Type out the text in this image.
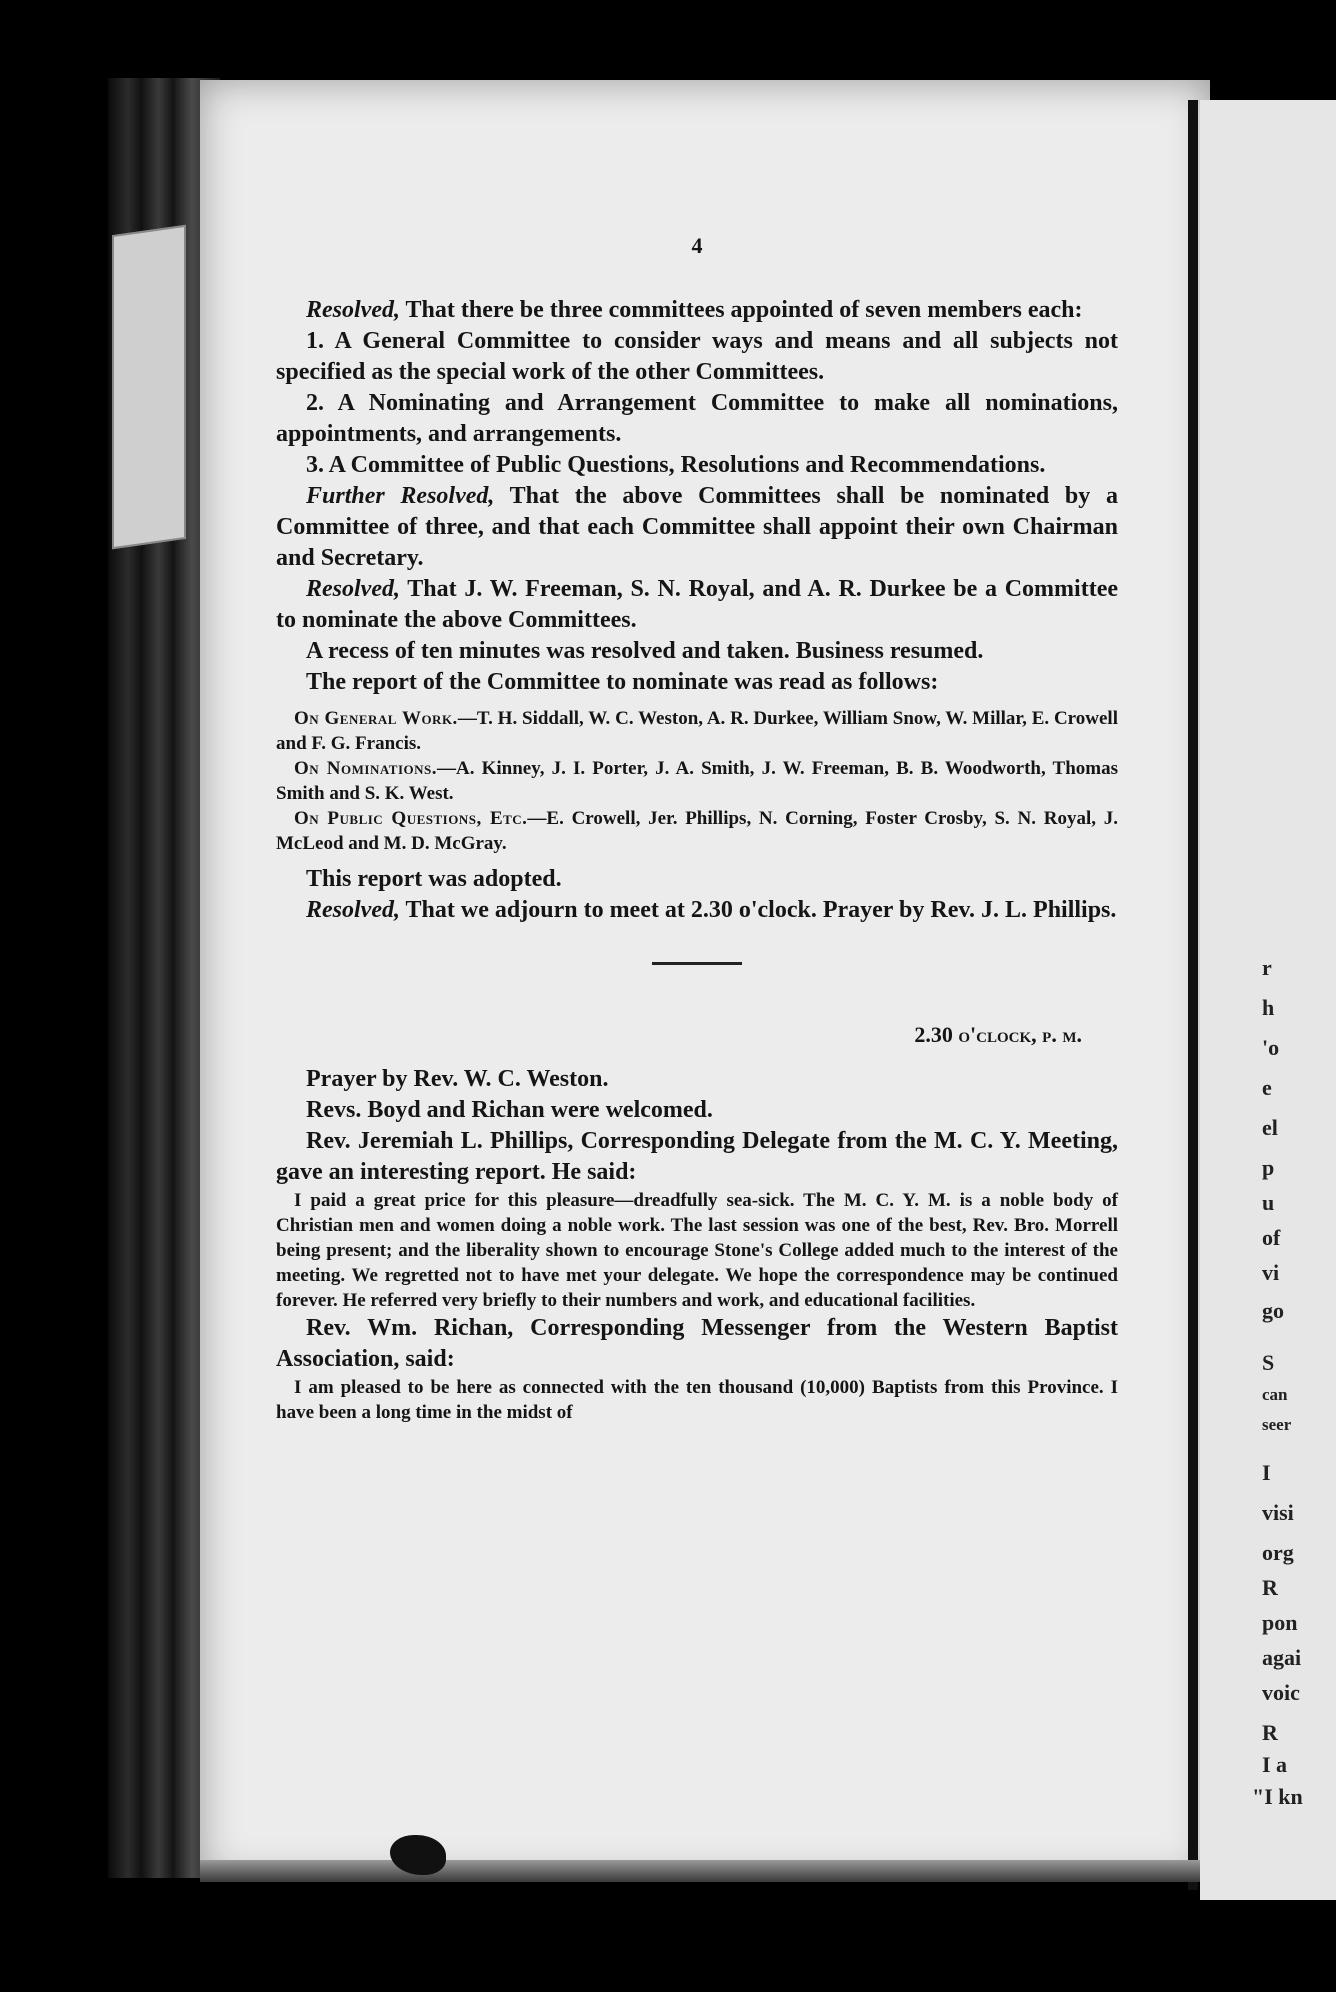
r
h
'o
e
el
p
u
of
vi
go
S
can
seer
I
visi
org
R
pon
agai
voic
R
I a
"I kn
4

Resolved, That there be three committees appointed of seven members each:

1. A General Committee to consider ways and means and all subjects not specified as the special work of the other Committees.

2. A Nominating and Arrangement Committee to make all nominations, appointments, and arrangements.

3. A Committee of Public Questions, Resolutions and Recommendations.

Further Resolved, That the above Committees shall be nominated by a Committee of three, and that each Committee shall appoint their own Chairman and Secretary.

Resolved, That J. W. Freeman, S. N. Royal, and A. R. Durkee be a Committee to nominate the above Committees.

A recess of ten minutes was resolved and taken. Business resumed.

The report of the Committee to nominate was read as follows:

On General Work.—T. H. Siddall, W. C. Weston, A. R. Durkee, William Snow, W. Millar, E. Crowell and F. G. Francis.

On Nominations.—A. Kinney, J. I. Porter, J. A. Smith, J. W. Freeman, B. B. Woodworth, Thomas Smith and S. K. West.

On Public Questions, Etc.—E. Crowell, Jer. Phillips, N. Corning, Foster Crosby, S. N. Royal, J. McLeod and M. D. McGray.

This report was adopted.

Resolved, That we adjourn to meet at 2.30 o'clock. Prayer by Rev. J. L. Phillips.

2.30 o'clock, p. m.

Prayer by Rev. W. C. Weston.

Revs. Boyd and Richan were welcomed.

Rev. Jeremiah L. Phillips, Corresponding Delegate from the M. C. Y. Meeting, gave an interesting report. He said:

I paid a great price for this pleasure—dreadfully sea-sick. The M. C. Y. M. is a noble body of Christian men and women doing a noble work. The last session was one of the best, Rev. Bro. Morrell being present; and the liberality shown to encourage Stone's College added much to the interest of the meeting. We regretted not to have met your delegate. We hope the correspondence may be continued forever. He referred very briefly to their numbers and work, and educational facilities.

Rev. Wm. Richan, Corresponding Messenger from the Western Baptist Association, said:

I am pleased to be here as connected with the ten thousand (10,000) Baptists from this Province. I have been a long time in the midst of
